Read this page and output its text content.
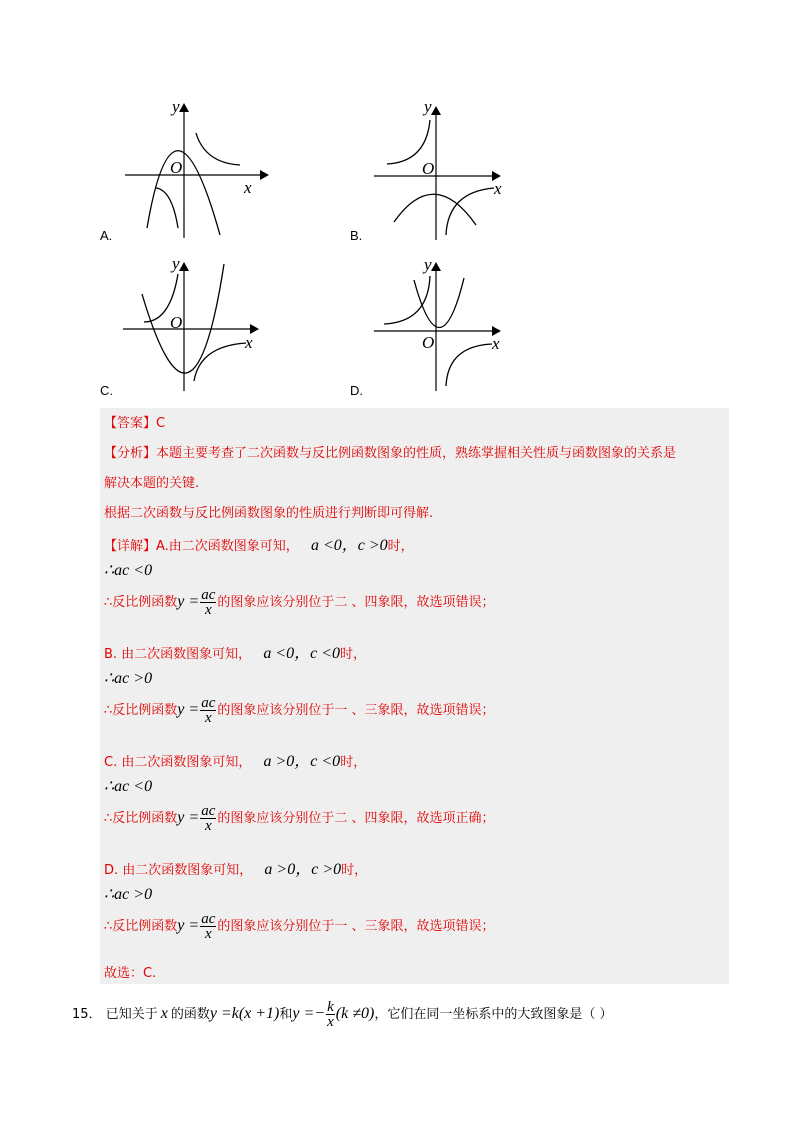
y
O
x
A.
y
O
x
B.
y
O
x
C.
y
O	x
D.
【答案】C
【分析】本题主要考查了二次函数与反比例函数图象的性质，熟练掌握相关性质与函数图象的关系是
解决本题的关键.
根据二次函数与反比例函数图象的性质进行判断即可得解.
【详解】A.由二次函数图象可知， a <0，c >0时，
∴ac <0
∴反比例函数$y = \frac{ac}{x}$ 的图象应该分别位于二 、四象限，故选项错误；
B. 由二次函数图象可知， a <0，c <0时，
∴ac >0
∴反比例函数$y = \frac{ac}{x}$ 的图象应该分别位于一 、三象限，故选项错误；
C. 由二次函数图象可知， a >0，c <0时，
∴ac <0
∴反比例函数$y = \frac{ac}{x}$ 的图象应该分别位于二 、四象限，故选项正确；
D. 由二次函数图象可知， a >0，c >0时，
∴ac >0
∴反比例函数$y = \frac{ac}{x}$ 的图象应该分别位于一 、三象限，故选项错误；
故选：C.
15． 已知关于 x 的函数y =k(x +1)和$y =- \frac{k}{x} (k \ne 0)$，它们在同一坐标系中的大致图象是（ ）
